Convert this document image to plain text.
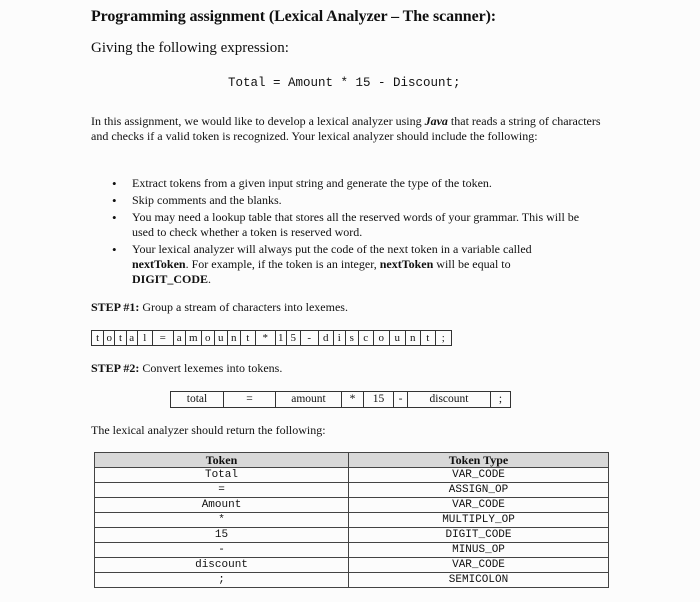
Programming assignment (Lexical Analyzer – The scanner):
Giving the following expression:
Total = Amount * 15 - Discount;
In this assignment, we would like to develop a lexical analyzer using Java that reads a string of characters and checks if a valid token is recognized. Your lexical analyzer should include the following:
• Extract tokens from a given input string and generate the type of the token.
• Skip comments and the blanks.
• You may need a lookup table that stores all the reserved words of your grammar. This will be used to check whether a token is reserved word.
• Your lexical analyzer will always put the code of the next token in a variable called nextToken. For example, if the token is an integer, nextToken will be equal to DIGIT_CODE.
STEP #1: Group a stream of characters into lexemes.
t o t a l	= a m o u n t	* 1 5	-	d i s c o u n t	;
STEP #2: Convert lexemes into tokens.
total	=	amount	*	15	-	discount	;
The lexical analyzer should return the following:
Token	Token Type
Total	VAR_CODE
=	ASSIGN_OP
Amount	VAR_CODE
*	MULTIPLY_OP
15	DIGIT_CODE
-	MINUS_OP
discount	VAR_CODE
;	SEMICOLON
